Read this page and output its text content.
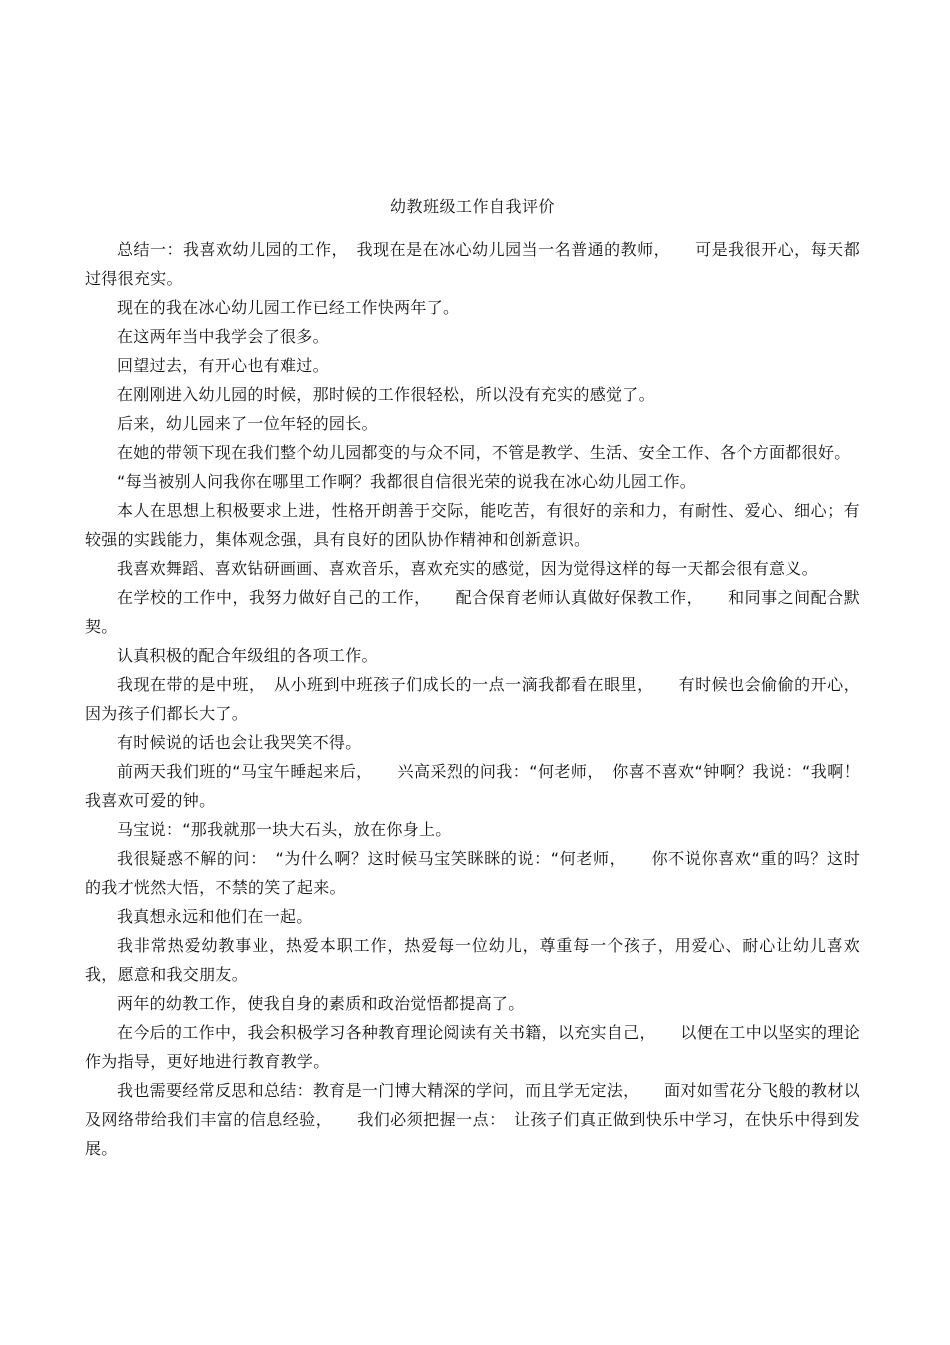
幼教班级工作自我评价

总结一：我喜欢幼儿园的工作，　我现在是在冰心幼儿园当一名普通的教师，　　可是我很开心，每天都过得很充实。

现在的我在冰心幼儿园工作已经工作快两年了。

在这两年当中我学会了很多。

回望过去，有开心也有难过。

在刚刚进入幼儿园的时候，那时候的工作很轻松，所以没有充实的感觉了。

后来，幼儿园来了一位年轻的园长。

在她的带领下现在我们整个幼儿园都变的与众不同，不管是教学、生活、安全工作、各个方面都很好。

“每当被别人问我你在哪里工作啊？我都很自信很光荣的说我在冰心幼儿园工作。

本人在思想上积极要求上进，性格开朗善于交际，能吃苦，有很好的亲和力，有耐性、爱心、细心；有较强的实践能力，集体观念强，具有良好的团队协作精神和创新意识。

我喜欢舞蹈、喜欢钻研画画、喜欢音乐，喜欢充实的感觉，因为觉得这样的每一天都会很有意义。

在学校的工作中，我努力做好自己的工作，　　配合保育老师认真做好保教工作，　　和同事之间配合默契。

认真积极的配合年级组的各项工作。

我现在带的是中班，　从小班到中班孩子们成长的一点一滴我都看在眼里，　　有时候也会偷偷的开心，因为孩子们都长大了。

有时候说的话也会让我哭笑不得。

前两天我们班的“马宝午睡起来后，　　兴高采烈的问我：“何老师，　你喜不喜欢“钟啊？我说：“我啊！我喜欢可爱的钟。

马宝说：“那我就那一块大石头，放在你身上。

我很疑惑不解的问：　“为什么啊？这时候马宝笑眯眯的说：“何老师，　　你不说你喜欢“重的吗？这时的我才恍然大悟，不禁的笑了起来。

我真想永远和他们在一起。

我非常热爱幼教事业，热爱本职工作，热爱每一位幼儿，尊重每一个孩子，用爱心、耐心让幼儿喜欢我，愿意和我交朋友。

两年的幼教工作，使我自身的素质和政治觉悟都提高了。

在今后的工作中，我会积极学习各种教育理论阅读有关书籍，以充实自己，　　以便在工中以坚实的理论作为指导，更好地进行教育教学。

我也需要经常反思和总结：教育是一门博大精深的学问，而且学无定法，　　面对如雪花分飞般的教材以及网络带给我们丰富的信息经验，　　我们必须把握一点：　让孩子们真正做到快乐中学习，在快乐中得到发展。
